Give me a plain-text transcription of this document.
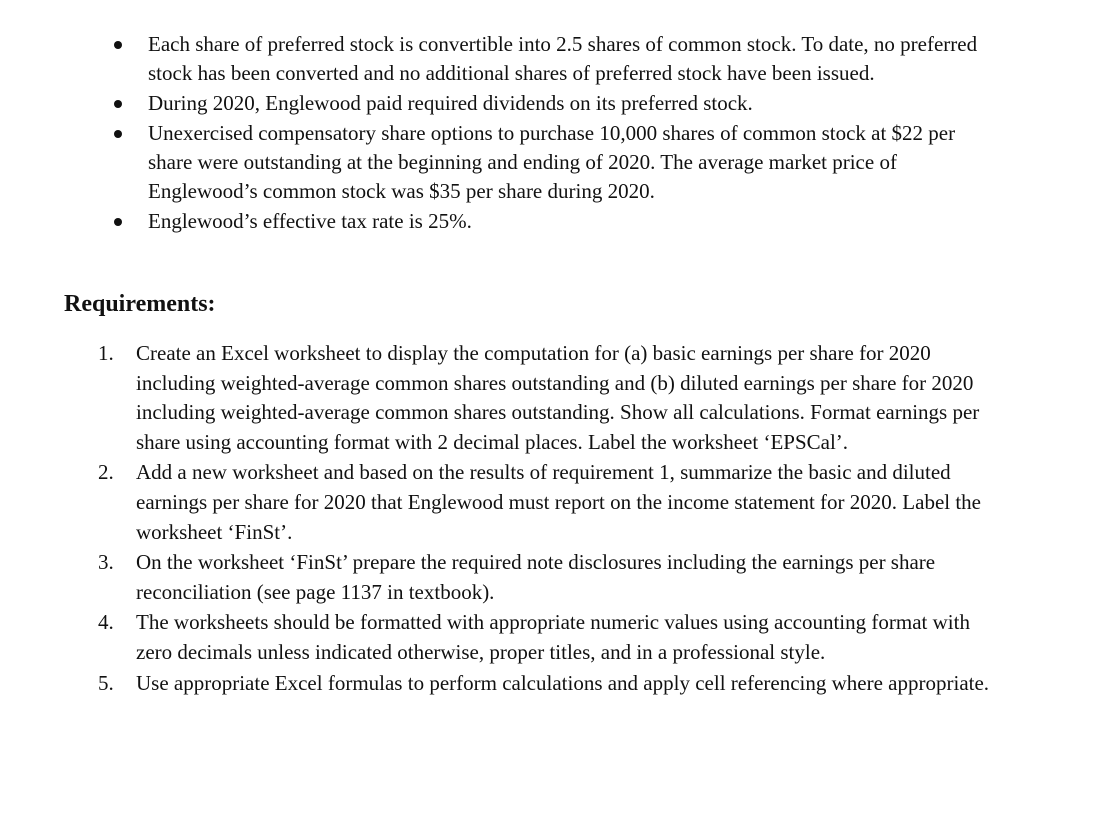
Each share of preferred stock is convertible into 2.5 shares of common stock. To date, no preferred stock has been converted and no additional shares of preferred stock have been issued.
During 2020, Englewood paid required dividends on its preferred stock.
Unexercised compensatory share options to purchase 10,000 shares of common stock at $22 per share were outstanding at the beginning and ending of 2020. The average market price of Englewood’s common stock was $35 per share during 2020.
Englewood’s effective tax rate is 25%.
Requirements:
1. Create an Excel worksheet to display the computation for (a) basic earnings per share for 2020 including weighted-average common shares outstanding and (b) diluted earnings per share for 2020 including weighted-average common shares outstanding. Show all calculations. Format earnings per share using accounting format with 2 decimal places. Label the worksheet ‘EPSCal’.
2. Add a new worksheet and based on the results of requirement 1, summarize the basic and diluted earnings per share for 2020 that Englewood must report on the income statement for 2020. Label the worksheet ‘FinSt’.
3. On the worksheet ‘FinSt’ prepare the required note disclosures including the earnings per share reconciliation (see page 1137 in textbook).
4. The worksheets should be formatted with appropriate numeric values using accounting format with zero decimals unless indicated otherwise, proper titles, and in a professional style.
5. Use appropriate Excel formulas to perform calculations and apply cell referencing where appropriate.
